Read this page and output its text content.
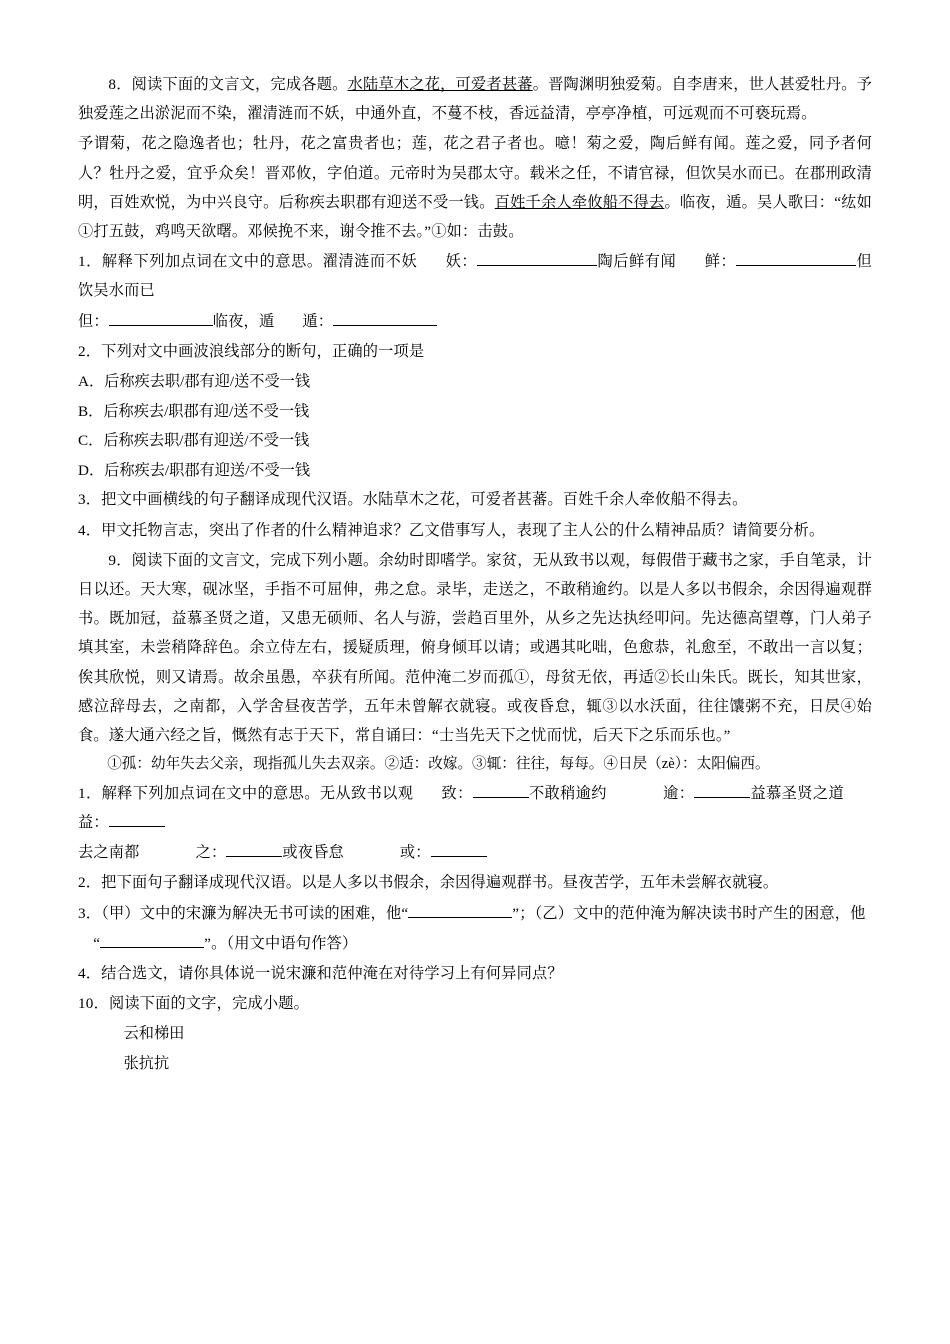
8．阅读下面的文言文，完成各题。水陆草木之花，可爱者甚蕃。晋陶渊明独爱菊。自李唐来，世人甚爱牡丹。予独爱莲之出淤泥而不染，濯清涟而不妖，中通外直，不蔓不枝，香远益清，亭亭净植，可远观而不可亵玩焉。

予谓菊，花之隐逸者也；牡丹，花之富贵者也；莲，花之君子者也。噫！菊之爱，陶后鲜有闻。莲之爱，同予者何人？牡丹之爱，宜乎众矣！晋邓攸，字伯道。元帝时为吴郡太守。载米之任，不请官禄，但饮吴水而已。在郡刑政清明，百姓欢悦，为中兴良守。后称疾去职郡有迎送不受一钱。百姓千余人牵攸船不得去。临夜，遁。吴人歌曰：“纮如①打五鼓，鸡鸣天欲曙。邓候挽不来，谢令推不去。”①如：击鼓。

1．解释下列加点词在文中的意思。濯清涟而不妖 妖：	陶后鲜有闻 鲜：	但饮吴水而已

但：	临夜，遁 遁：

2．下列对文中画波浪线部分的断句，正确的一项是

A．后称疾去职/郡有迎/送不受一钱

B．后称疾去/职郡有迎/送不受一钱

C．后称疾去职/郡有迎送/不受一钱

D．后称疾去/职郡有迎送/不受一钱

3．把文中画横线的句子翻译成现代汉语。水陆草木之花，可爱者甚蕃。百姓千余人牵攸船不得去。

4．甲文托物言志，突出了作者的什么精神追求？乙文借事写人，表现了主人公的什么精神品质？请简要分析。

9．阅读下面的文言文，完成下列小题。余幼时即嗜学。家贫，无从致书以观，每假借于藏书之家，手自笔录，计日以还。天大寒，砚冰坚，手指不可屈伸，弗之怠。录毕，走送之，不敢稍逾约。以是人多以书假余，余因得遍观群书。既加冠，益慕圣贤之道，又患无硕师、名人与游，尝趋百里外，从乡之先达执经叩问。先达德高望尊，门人弟子填其室，未尝稍降辞色。余立侍左右，援疑质理，俯身倾耳以请；或遇其叱咄，色愈恭，礼愈至，不敢出一言以复；俟其欣悦，则又请焉。故余虽愚，卒获有所闻。范仲淹二岁而孤①，母贫无依，再适②长山朱氏。既长，知其世家，感泣辞母去，之南都，入学舍昼夜苦学，五年未曾解衣就寝。或夜昏怠，辄③以水沃面，往往馕粥不充，日昃④始食。遂大通六经之旨，慨然有志于天下，常自诵曰：“士当先天下之忧而忧，后天下之乐而乐也。”

①孤：幼年失去父亲，现指孤儿失去双亲。②适：改嫁。③辄：往往，每每。④日昃（zè）：太阳偏西。

1．解释下列加点词在文中的意思。无从致书以观 致：	不敢稍逾约	逾：	益慕圣贤之道益：

去之南都	之：	或夜昏怠	或：

2．把下面句子翻译成现代汉语。以是人多以书假余，余因得遍观群书。昼夜苦学，五年未尝解衣就寝。

3．（甲）文中的宋濂为解决无书可读的困难，他“	”；（乙）文中的范仲淹为解决读书时产生的困意，他

“	”。（用文中语句作答）

4．结合选文，请你具体说一说宋濂和范仲淹在对待学习上有何异同点？

10．阅读下面的文字，完成小题。

云和梯田

张抗抗
